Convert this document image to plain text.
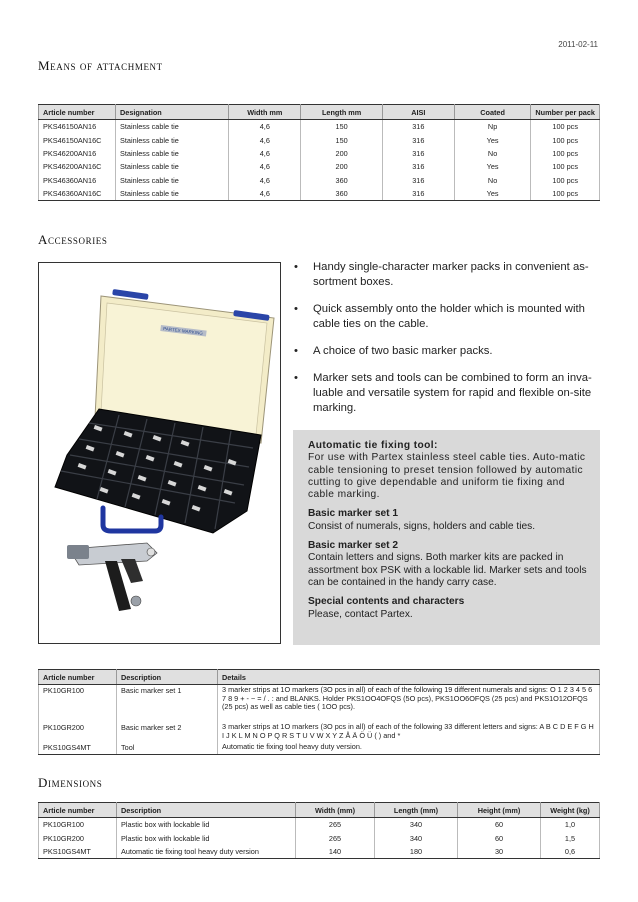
2011-02-11
Means of attachment
Article number	Designation	Width mm	Length mm	AISI	Coated	Number per pack
PKS46150AN16	Stainless cable tie	4,6	150	316	Np	100 pcs
PKS46150AN16C	Stainless cable tie	4,6	150	316	Yes	100 pcs
PKS46200AN16	Stainless cable tie	4,6	200	316	No	100 pcs
PKS46200AN16C	Stainless cable tie	4,6	200	316	Yes	100 pcs
PKS46360AN16	Stainless cable tie	4,6	360	316	No	100 pcs
PKS46360AN16C	Stainless cable tie	4,6	360	316	Yes	100 pcs
Accessories
PARTEX MARKING
• Handy single-character marker packs in convenient as-sortment boxes.
• Quick assembly onto the holder which is mounted with cable ties on the cable.
• A choice of two basic marker packs.
• Marker sets and tools can be combined to form an inva-luable and versatile system for rapid and flexible on-site marking.

Automatic tie fixing tool:
For use with Partex stainless steel cable ties. Auto-matic cable tensioning to preset tension followed by automatic cutting to give dependable and uniform tie fixing and cable marking.

Basic marker set 1
Consist of numerals, signs, holders and cable ties.

Basic marker set 2
Contain letters and signs. Both marker kits are packed in assortment box PSK with a lockable lid. Marker sets and tools can be contained in the handy carry case.

Special contents and characters
Please, contact Partex.

Article number	Description	Details
PK10GR100	Basic marker set 1	3 marker strips at 1O markers (3O pcs in all) of each of the following 19 different numerals and signs: O 1 2 3 4 5 6 7 8 9 + - ~ = / . : and BLANKS. Holder PKS1OO4OFQS (5O pcs), PKS1OO6OFQS (25 pcs) and PKS1O12OFQS (25 pcs) as well as cable ties ( 1OO pcs).
PK10GR200	Basic marker set 2	3 marker strips at 1O markers (3O pcs in all) of each of the following 33 different letters and signs: A B C D E F G H I J K L M N O P Q R S T U V W X Y Z Å Ä Ö Ü ( ) and *
PKS10GS4MT	Tool	Automatic tie fixing tool heavy duty version.
Dimensions
Article number	Description	Width (mm)	Length (mm)	Height (mm)	Weight (kg)
PK10GR100	Plastic box with lockable lid	265	340	60	1,0
PK10GR200	Plastic box with lockable lid	265	340	60	1,5
PKS10GS4MT	Automatic tie fixing tool heavy duty version	140	180	30	0,6
